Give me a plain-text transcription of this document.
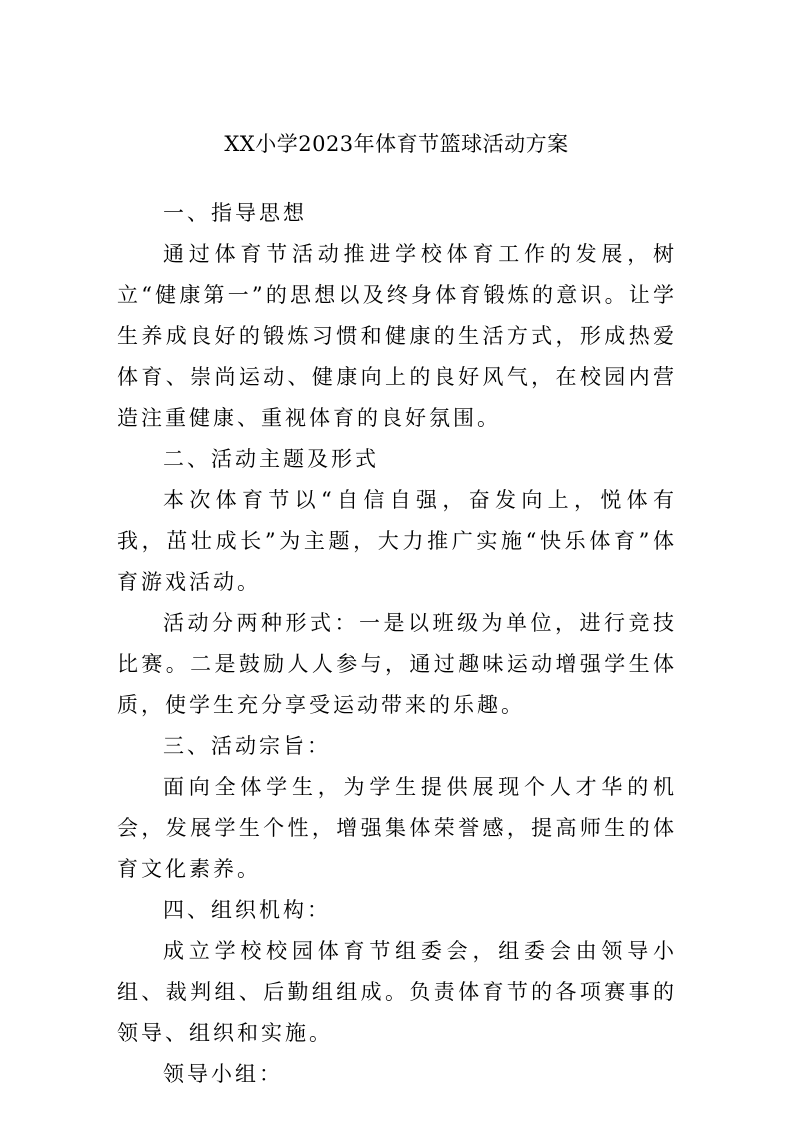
XX小学2023年体育节篮球活动方案

一、指导思想

通过体育节活动推进学校体育工作的发展，树立“健康第一”的思想以及终身体育锻炼的意识。让学生养成良好的锻炼习惯和健康的生活方式，形成热爱体育、崇尚运动、健康向上的良好风气，在校园内营造注重健康、重视体育的良好氛围。

二、活动主题及形式

本次体育节以“自信自强，奋发向上，悦体有我，茁壮成长”为主题，大力推广实施“快乐体育”体育游戏活动。

活动分两种形式：一是以班级为单位，进行竞技比赛。二是鼓励人人参与，通过趣味运动增强学生体质，使学生充分享受运动带来的乐趣。

三、活动宗旨：

面向全体学生，为学生提供展现个人才华的机会，发展学生个性，增强集体荣誉感，提高师生的体育文化素养。

四、组织机构：

成立学校校园体育节组委会，组委会由领导小组、裁判组、后勤组组成。负责体育节的各项赛事的领导、组织和实施。

领导小组：
